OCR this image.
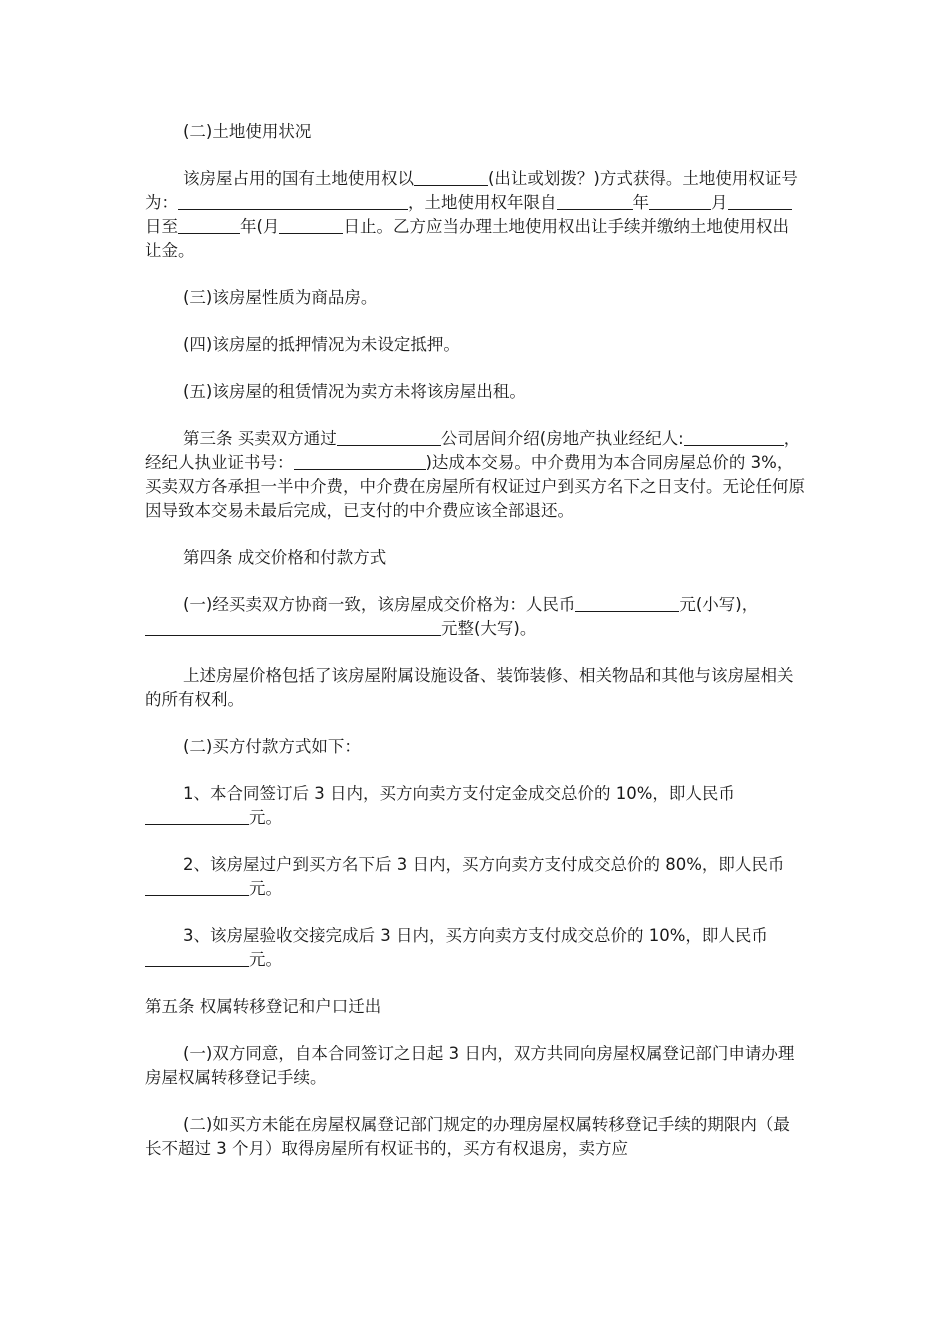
(二)土地使用状况

该房屋占用的国有土地使用权以	(出让或划拨？)方式获得。土地使用权证号为：	，土地使用权年限自	年	月日至	年(月	日止。乙方应当办理土地使用权出让手续并缴纳土地使用权出让金。

(三)该房屋性质为商品房。

(四)该房屋的抵押情况为未设定抵押。

(五)该房屋的租赁情况为卖方未将该房屋出租。

第三条 买卖双方通过	公司居间介绍(房地产执业经纪人:	，经纪人执业证书号：	)达成本交易。中介费用为本合同房屋总价的 3%，买卖双方各承担一半中介费，中介费在房屋所有权证过户到买方名下之日支付。无论任何原因导致本交易未最后完成，已支付的中介费应该全部退还。

第四条 成交价格和付款方式

(一)经买卖双方协商一致，该房屋成交价格为：人民币	元(小写)，元整(大写)。

上述房屋价格包括了该房屋附属设施设备、装饰装修、相关物品和其他与该房屋相关的所有权利。

(二)买方付款方式如下：

1、本合同签订后 3 日内，买方向卖方支付定金成交总价的 10%，即人民币元。

2、该房屋过户到买方名下后 3 日内，买方向卖方支付成交总价的 80%，即人民币元。

3、该房屋验收交接完成后 3 日内，买方向卖方支付成交总价的 10%，即人民币元。

第五条 权属转移登记和户口迁出

(一)双方同意，自本合同签订之日起 3 日内，双方共同向房屋权属登记部门申请办理房屋权属转移登记手续。

(二)如买方未能在房屋权属登记部门规定的办理房屋权属转移登记手续的期限内（最长不超过 3 个月）取得房屋所有权证书的，买方有权退房，卖方应
